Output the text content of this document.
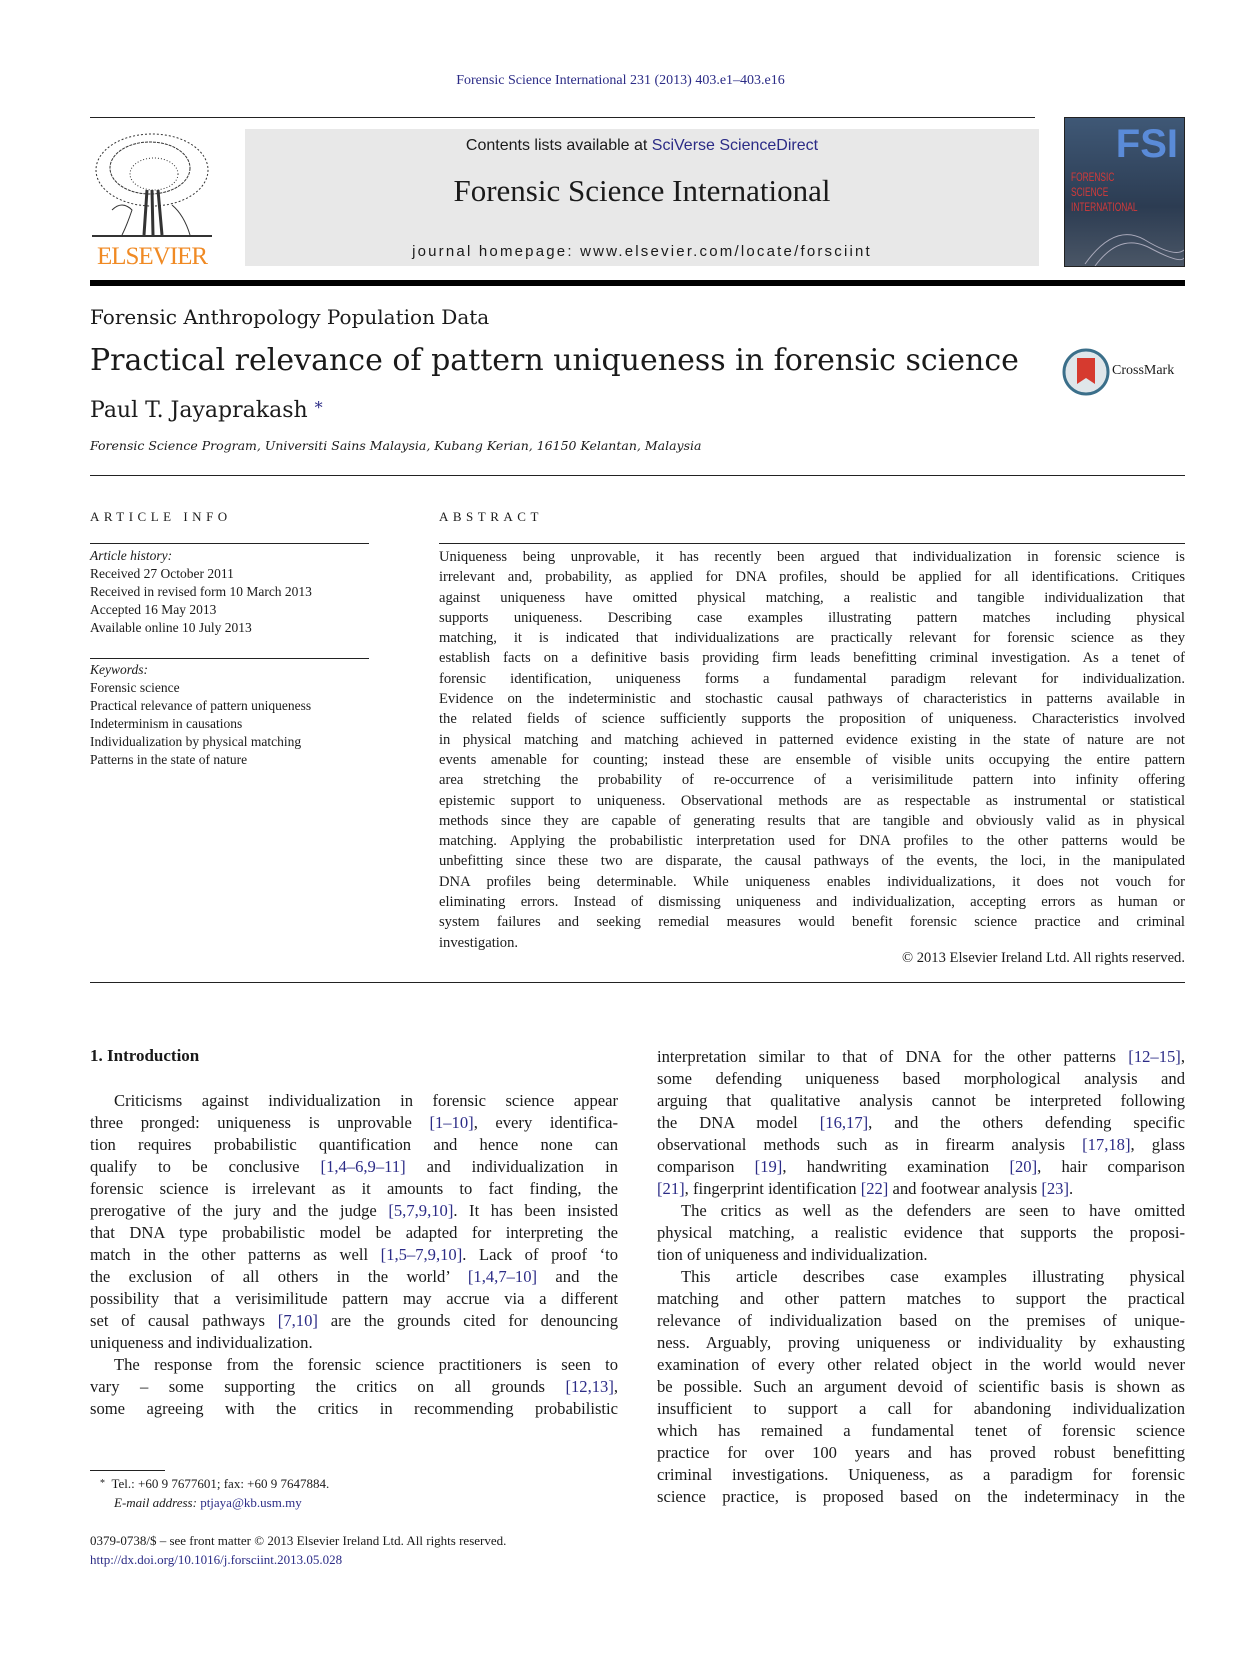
Forensic Science International 231 (2013) 403.e1–403.e16
ELSEVIER
Contents lists available at SciVerse ScienceDirect
Forensic Science International
journal homepage: www.elsevier.com/locate/forsciint
FSI
FORENSIC
SCIENCE
INTERNATIONAL
Forensic Anthropology Population Data
Practical relevance of pattern uniqueness in forensic science	CrossMark
Paul T. Jayaprakash *
Forensic Science Program, Universiti Sains Malaysia, Kubang Kerian, 16150 Kelantan, Malaysia
ARTICLE INFO	ABSTRACT
Article history:
Received 27 October 2011
Received in revised form 10 March 2013
Accepted 16 May 2013
Available online 10 July 2013
Keywords:
Forensic science
Practical relevance of pattern uniqueness
Indeterminism in causations
Individualization by physical matching
Patterns in the state of nature
Uniqueness being unprovable, it has recently been argued that individualization in forensic science is
irrelevant and, probability, as applied for DNA profiles, should be applied for all identifications. Critiques
against uniqueness have omitted physical matching, a realistic and tangible individualization that
supports uniqueness. Describing case examples illustrating pattern matches including physical
matching, it is indicated that individualizations are practically relevant for forensic science as they
establish facts on a definitive basis providing firm leads benefitting criminal investigation. As a tenet of
forensic identification, uniqueness forms a fundamental paradigm relevant for individualization.
Evidence on the indeterministic and stochastic causal pathways of characteristics in patterns available in
the related fields of science sufficiently supports the proposition of uniqueness. Characteristics involved
in physical matching and matching achieved in patterned evidence existing in the state of nature are not
events amenable for counting; instead these are ensemble of visible units occupying the entire pattern
area stretching the probability of re-occurrence of a verisimilitude pattern into infinity offering
epistemic support to uniqueness. Observational methods are as respectable as instrumental or statistical
methods since they are capable of generating results that are tangible and obviously valid as in physical
matching. Applying the probabilistic interpretation used for DNA profiles to the other patterns would be
unbefitting since these two are disparate, the causal pathways of the events, the loci, in the manipulated
DNA profiles being determinable. While uniqueness enables individualizations, it does not vouch for
eliminating errors. Instead of dismissing uniqueness and individualization, accepting errors as human or
system failures and seeking remedial measures would benefit forensic science practice and criminal
investigation.
© 2013 Elsevier Ireland Ltd. All rights reserved.
1. Introduction
Criticisms against individualization in forensic science appear
three pronged: uniqueness is unprovable [1–10], every identifica-
tion requires probabilistic quantification and hence none can
qualify to be conclusive [1,4–6,9–11] and individualization in
forensic science is irrelevant as it amounts to fact finding, the
prerogative of the jury and the judge [5,7,9,10]. It has been insisted
that DNA type probabilistic model be adapted for interpreting the
match in the other patterns as well [1,5–7,9,10]. Lack of proof ‘to
the exclusion of all others in the world’ [1,4,7–10] and the
possibility that a verisimilitude pattern may accrue via a different
set of causal pathways [7,10] are the grounds cited for denouncing
uniqueness and individualization.
The response from the forensic science practitioners is seen to
vary – some supporting the critics on all grounds [12,13],
some agreeing with the critics in recommending probabilistic
interpretation similar to that of DNA for the other patterns [12–15],
some defending uniqueness based morphological analysis and
arguing that qualitative analysis cannot be interpreted following
the DNA model [16,17], and the others defending specific
observational methods such as in firearm analysis [17,18], glass
comparison [19], handwriting examination [20], hair comparison
[21], fingerprint identification [22] and footwear analysis [23].
The critics as well as the defenders are seen to have omitted
physical matching, a realistic evidence that supports the proposi-
tion of uniqueness and individualization.
This article describes case examples illustrating physical
matching and other pattern matches to support the practical
relevance of individualization based on the premises of unique-
ness. Arguably, proving uniqueness or individuality by exhausting
examination of every other related object in the world would never
be possible. Such an argument devoid of scientific basis is shown as
insufficient to support a call for abandoning individualization
which has remained a fundamental tenet of forensic science
practice for over 100 years and has proved robust benefitting
criminal investigations. Uniqueness, as a paradigm for forensic
science practice, is proposed based on the indeterminacy in the
* Tel.: +60 9 7677601; fax: +60 9 7647884.
E-mail address: ptjaya@kb.usm.my
0379-0738/$ – see front matter © 2013 Elsevier Ireland Ltd. All rights reserved.
http://dx.doi.org/10.1016/j.forsciint.2013.05.028
